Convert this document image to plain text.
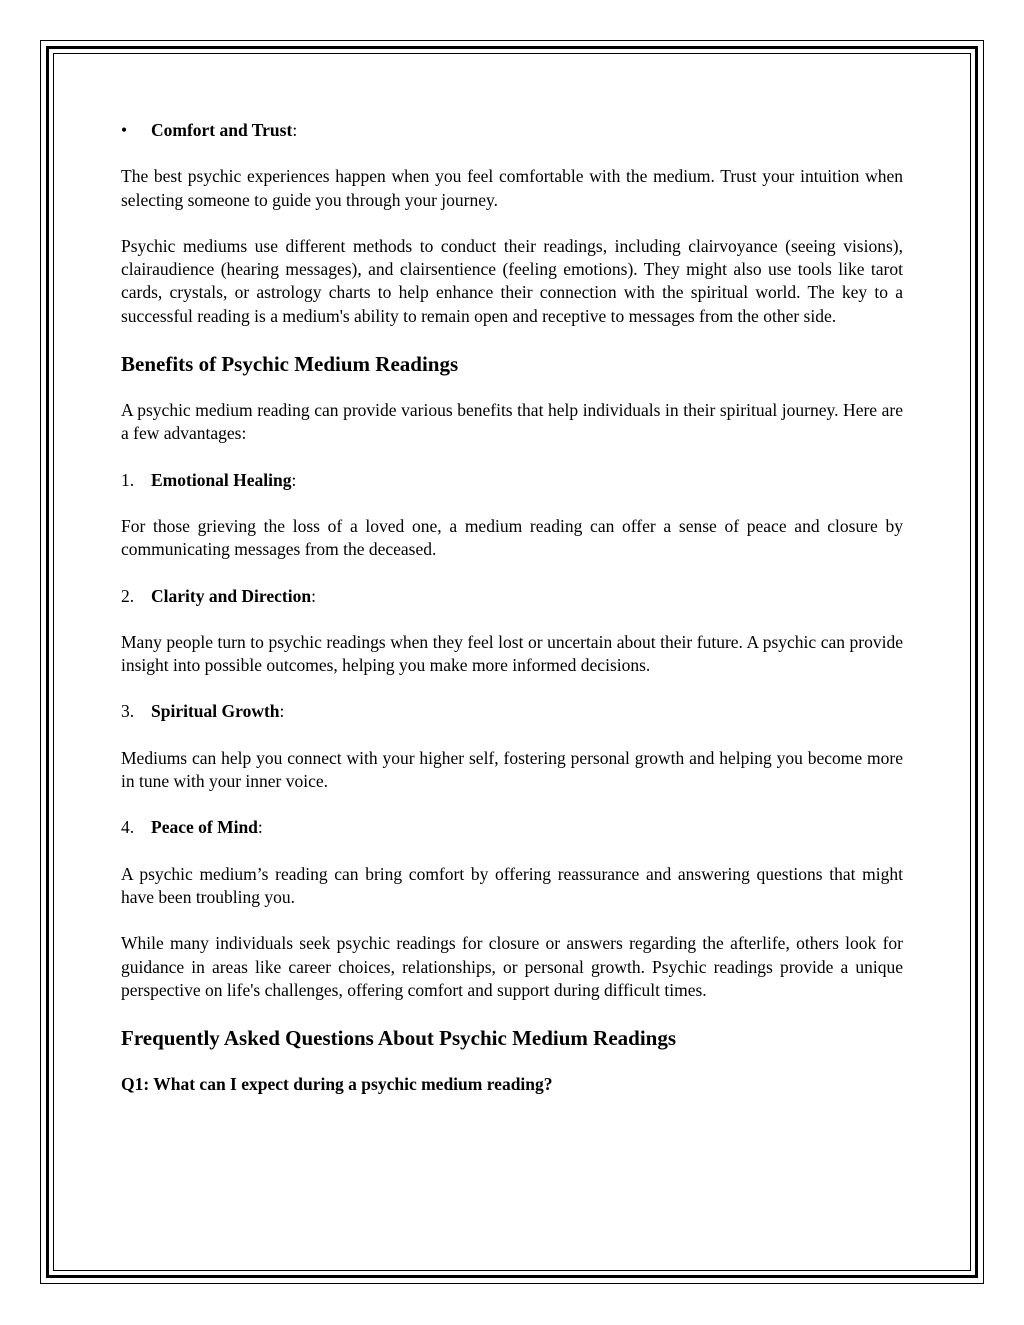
•	Comfort and Trust:

The best psychic experiences happen when you feel comfortable with the medium. Trust your intuition when selecting someone to guide you through your journey.

Psychic mediums use different methods to conduct their readings, including clairvoyance (seeing visions), clairaudience (hearing messages), and clairsentience (feeling emotions). They might also use tools like tarot cards, crystals, or astrology charts to help enhance their connection with the spiritual world. The key to a successful reading is a medium's ability to remain open and receptive to messages from the other side.

Benefits of Psychic Medium Readings

A psychic medium reading can provide various benefits that help individuals in their spiritual journey. Here are a few advantages:

1. Emotional Healing:

For those grieving the loss of a loved one, a medium reading can offer a sense of peace and closure by communicating messages from the deceased.

2. Clarity and Direction:

Many people turn to psychic readings when they feel lost or uncertain about their future. A psychic can provide insight into possible outcomes, helping you make more informed decisions.

3. Spiritual Growth:

Mediums can help you connect with your higher self, fostering personal growth and helping you become more in tune with your inner voice.

4. Peace of Mind:

A psychic medium’s reading can bring comfort by offering reassurance and answering questions that might have been troubling you.

While many individuals seek psychic readings for closure or answers regarding the afterlife, others look for guidance in areas like career choices, relationships, or personal growth. Psychic readings provide a unique perspective on life's challenges, offering comfort and support during difficult times.

Frequently Asked Questions About Psychic Medium Readings

Q1: What can I expect during a psychic medium reading?
